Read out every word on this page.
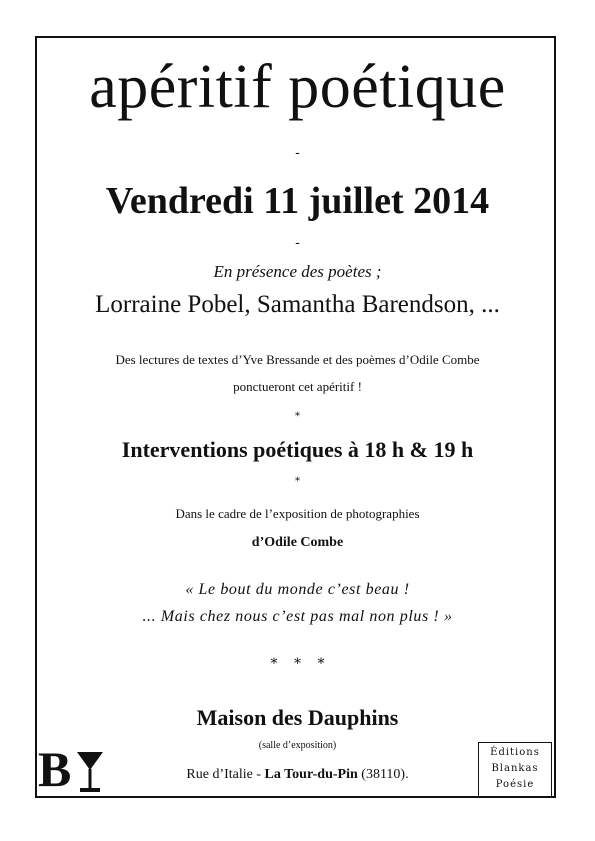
apéritif poétique
-
Vendredi 11 juillet 2014
-
En présence des poètes ;
Lorraine Pobel, Samantha Barendson, ...
Des lectures de textes d’Yve Bressande et des poèmes d’Odile Combe
ponctueront cet apéritif !
*
Interventions poétiques à 18 h & 19 h
*
Dans le cadre de l’exposition de photographies
d’Odile Combe
« Le bout du monde c’est beau !
... Mais chez nous c’est pas mal non plus ! »
* * *
Maison des Dauphins
(salle d’exposition)
Rue d’Italie - La Tour-du-Pin (38110).
B	Éditions
Blankas
Poésie
